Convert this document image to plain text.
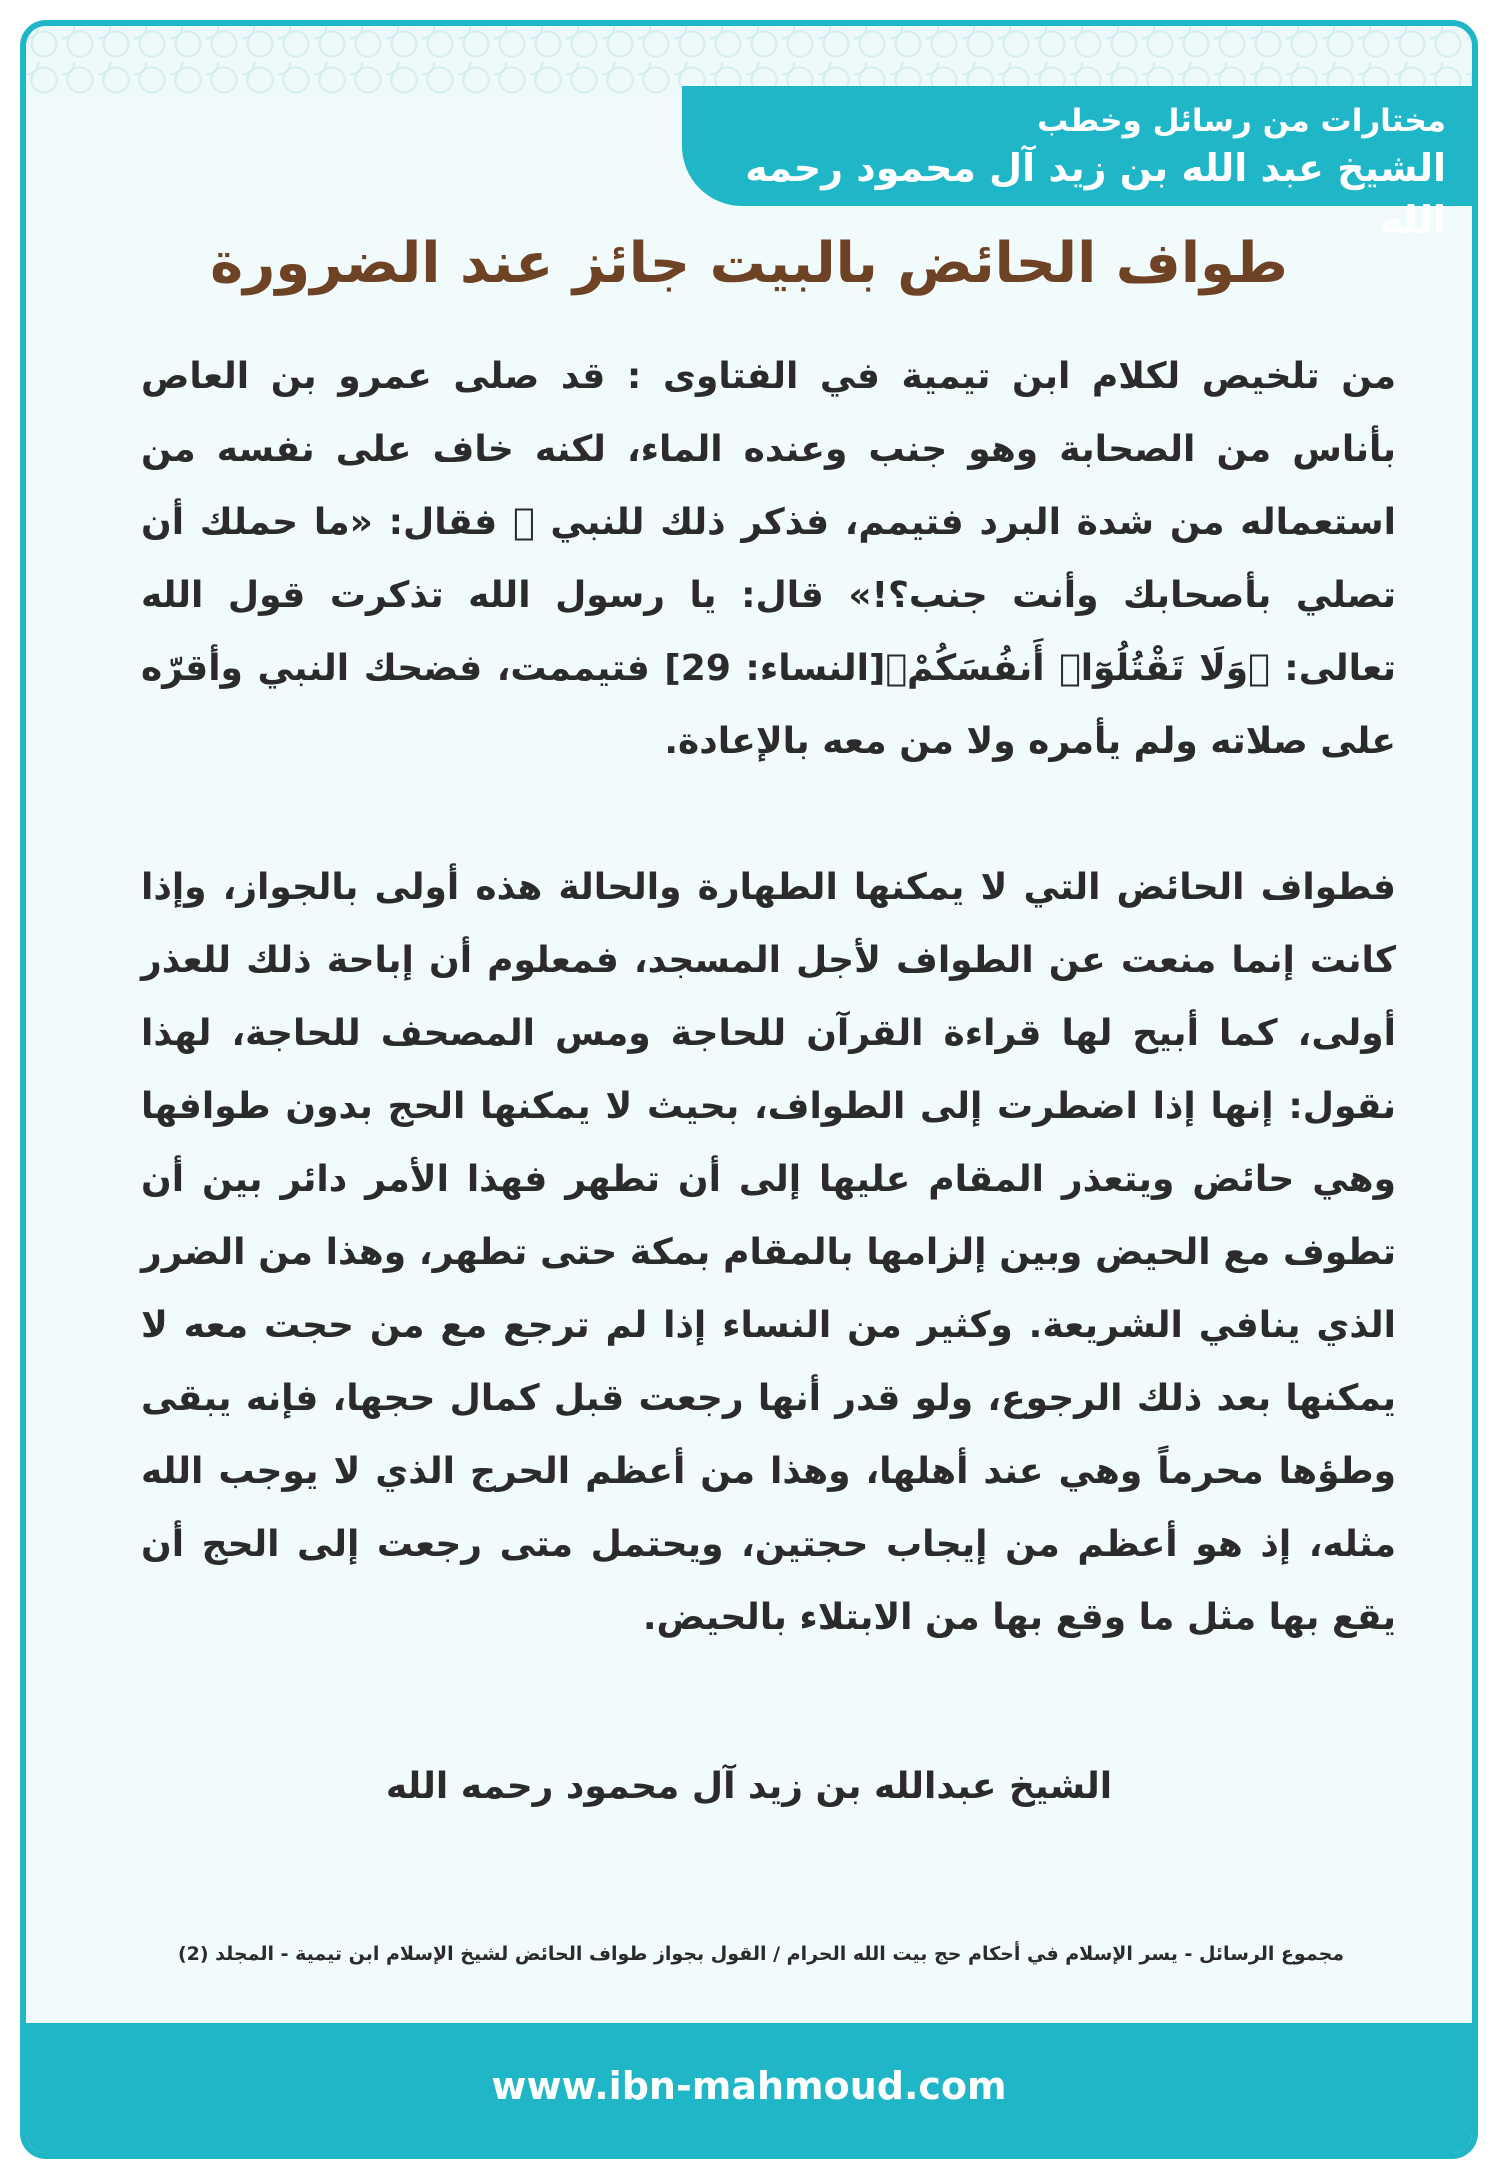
مختارات من رسائل وخطب
الشيخ عبد الله بن زيد آل محمود رحمه الله
طواف الحائض بالبيت جائز عند الضرورة

من تلخيص لكلام ابن تيمية في الفتاوى : قد صلى عمرو بن العاص بأناس من الصحابة وهو جنب وعنده الماء، لكنه خاف على نفسه من استعماله من شدة البرد فتيمم، فذكر ذلك للنبي ﷺ فقال: «ما حملك أن تصلي بأصحابك وأنت جنب؟!» قال: يا رسول الله تذكرت قول الله تعالى: ﴿وَلَا تَقْتُلُوٓا۟ أَنفُسَكُمْ﴾[النساء: 29] فتيممت، فضحك النبي وأقرّه على صلاته ولم يأمره ولا من معه بالإعادة.

فطواف الحائض التي لا يمكنها الطهارة والحالة هذه أولى بالجواز، وإذا كانت إنما منعت عن الطواف لأجل المسجد، فمعلوم أن إباحة ذلك للعذر أولى، كما أبيح لها قراءة القرآن للحاجة ومس المصحف للحاجة، لهذا نقول: إنها إذا اضطرت إلى الطواف، بحيث لا يمكنها الحج بدون طوافها وهي حائض ويتعذر المقام عليها إلى أن تطهر فهذا الأمر دائر بين أن تطوف مع الحيض وبين إلزامها بالمقام بمكة حتى تطهر، وهذا من الضرر الذي ينافي الشريعة. وكثير من النساء إذا لم ترجع مع من حجت معه لا يمكنها بعد ذلك الرجوع، ولو قدر أنها رجعت قبل كمال حجها، فإنه يبقى وطؤها محرماً وهي عند أهلها، وهذا من أعظم الحرج الذي لا يوجب الله مثله، إذ هو أعظم من إيجاب حجتين، ويحتمل متى رجعت إلى الحج أن يقع بها مثل ما وقع بها من الابتلاء بالحيض.

الشيخ عبدالله بن زيد آل محمود رحمه الله
مجموع الرسائل - يسر الإسلام في أحكام حج بيت الله الحرام / القول بجواز طواف الحائض لشيخ الإسلام ابن تيمية - المجلد (2)
www.ibn-mahmoud.com
